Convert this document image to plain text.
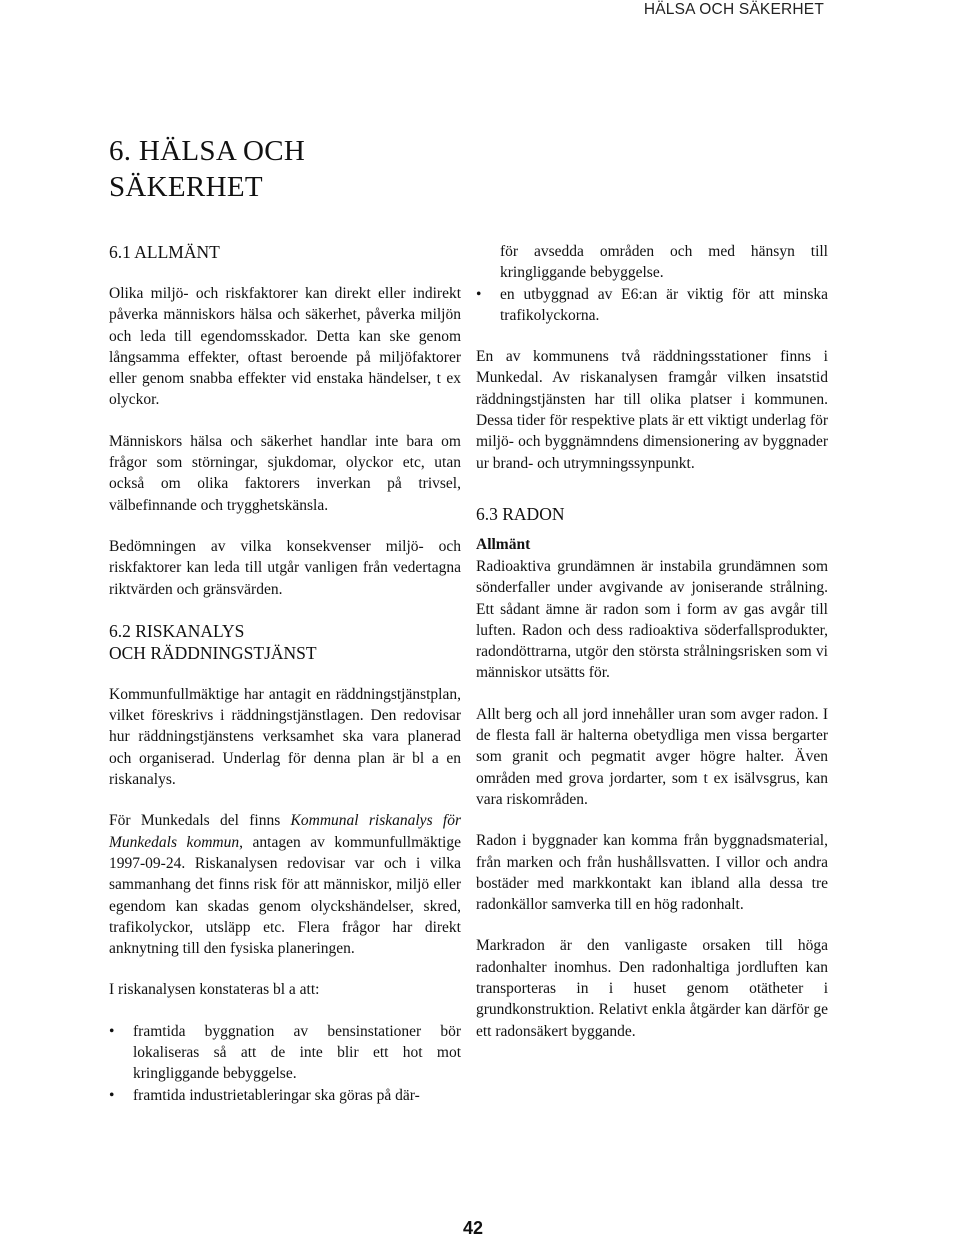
HÄLSA OCH SÄKERHET
6. HÄLSA OCH
SÄKERHET
6.1 ALLMÄNT

Olika miljö- och riskfaktorer kan direkt eller indirekt påverka människors hälsa och säkerhet, påverka miljön och leda till egendomsskador. Detta kan ske genom långsamma effekter, oftast beroende på miljöfaktorer eller genom snabba effekter vid enstaka händelser, t ex olyckor.

Människors hälsa och säkerhet handlar inte bara om frågor som störningar, sjukdomar, olyckor etc, utan också om olika faktorers inverkan på trivsel, välbefinnande och trygghetskänsla.

Bedömningen av vilka konsekvenser miljö- och riskfaktorer kan leda till utgår vanligen från vedertagna riktvärden och gränsvärden.

6.2 RISKANALYS
OCH RÄDDNINGSTJÄNST

Kommunfullmäktige har antagit en räddningstjänstplan, vilket föreskrivs i räddningstjänstlagen. Den redovisar hur räddningstjänstens verksamhet ska vara planerad och organiserad. Underlag för denna plan är bl a en riskanalys.

För Munkedals del finns Kommunal riskanalys för Munkedals kommun, antagen av kommunfullmäktige 1997-09-24. Riskanalysen redovisar var och i vilka sammanhang det finns risk för att människor, miljö eller egendom kan skadas genom olyckshändelser, skred, trafikolyckor, utsläpp etc. Flera frågor har direkt anknytning till den fysiska planeringen.

I riskanalysen konstateras bl a att:

• framtida byggnation av bensinstationer bör lokaliseras så att de inte blir ett hot mot kringliggande bebyggelse.
• framtida industrietableringar ska göras på där-

för avsedda områden och med hänsyn till kringliggande bebyggelse.

• en utbyggnad av E6:an är viktig för att minska trafikolyckorna.

En av kommunens två räddningsstationer finns i Munkedal. Av riskanalysen framgår vilken insatstid räddningstjänsten har till olika platser i kommunen. Dessa tider för respektive plats är ett viktigt underlag för miljö- och byggnämndens dimensionering av byggnader ur brand- och utrymningssynpunkt.

6.3 RADON
Allmänt

Radioaktiva grundämnen är instabila grundämnen som sönderfaller under avgivande av joniserande strålning. Ett sådant ämne är radon som i form av gas avgår till luften. Radon och dess radioaktiva söderfallsprodukter, radondöttrarna, utgör den största strålningsrisken som vi människor utsätts för.

Allt berg och all jord innehåller uran som avger radon. I de flesta fall är halterna obetydliga men vissa bergarter som granit och pegmatit avger högre halter. Även områden med grova jordarter, som t ex isälvsgrus, kan vara riskområden.

Radon i byggnader kan komma från byggnadsmaterial, från marken och från hushållsvatten. I villor och andra bostäder med markkontakt kan ibland alla dessa tre radonkällor samverka till en hög radonhalt.

Markradon är den vanligaste orsaken till höga radonhalter inomhus. Den radonhaltiga jordluften kan transporteras in i huset genom otätheter i grundkonstruktion. Relativt enkla åtgärder kan därför ge ett radonsäkert byggande.

42
